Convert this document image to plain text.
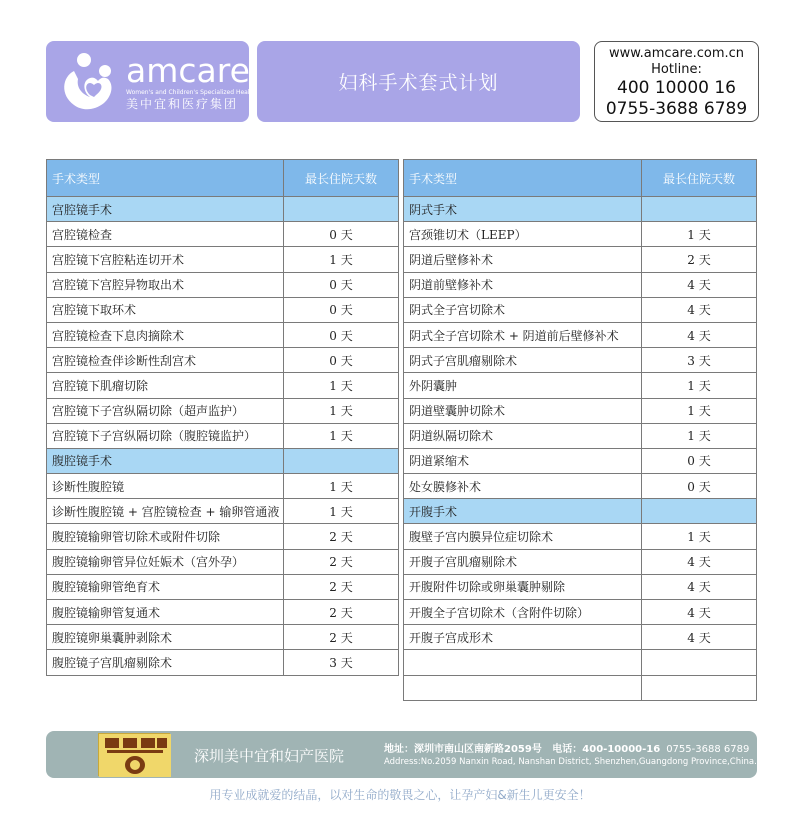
amcare
Women's and Children's Specialized Health
美中宜和医疗集团
妇科手术套式计划
www.amcare.com.cn
Hotline:
400 10000 16
0755-3688 6789
手术类型	最长住院天数
宫腔镜手术	
宫腔镜检查	0 天
宫腔镜下宫腔粘连切开术	1 天
宫腔镜下宫腔异物取出术	0 天
宫腔镜下取环术	0 天
宫腔镜检查下息肉摘除术	0 天
宫腔镜检查伴诊断性刮宫术	0 天
宫腔镜下肌瘤切除	1 天
宫腔镜下子宫纵隔切除（超声监护）	1 天
宫腔镜下子宫纵隔切除（腹腔镜监护）	1 天
腹腔镜手术	
诊断性腹腔镜	1 天
诊断性腹腔镜 + 宫腔镜检查 + 输卵管通液	1 天
腹腔镜输卵管切除术或附件切除	2 天
腹腔镜输卵管异位妊娠术（宫外孕）	2 天
腹腔镜输卵管绝育术	2 天
腹腔镜输卵管复通术	2 天
腹腔镜卵巢囊肿剥除术	2 天
腹腔镜子宫肌瘤剔除术	3 天
手术类型	最长住院天数
阴式手术	
宫颈锥切术（LEEP）	1 天
阴道后壁修补术	2 天
阴道前壁修补术	4 天
阴式全子宫切除术	4 天
阴式全子宫切除术 + 阴道前后壁修补术	4 天
阴式子宫肌瘤剔除术	3 天
外阴囊肿	1 天
阴道壁囊肿切除术	1 天
阴道纵隔切除术	1 天
阴道紧缩术	0 天
处女膜修补术	0 天
开腹手术	
腹壁子宫内膜异位症切除术	1 天
开腹子宫肌瘤剔除术	4 天
开腹附件切除或卵巢囊肿剔除	4 天
开腹全子宫切除术（含附件切除）	4 天
开腹子宫成形术	4 天

深圳美中宜和妇产医院	地址：深圳市南山区南新路2059号 电话：400-10000-16 0755-3688 6789
Address:No.2059 Nanxin Road, Nanshan District, Shenzhen,Guangdong Province,China.
用专业成就爱的结晶，以对生命的敬畏之心，让孕产妇&新生儿更安全！
